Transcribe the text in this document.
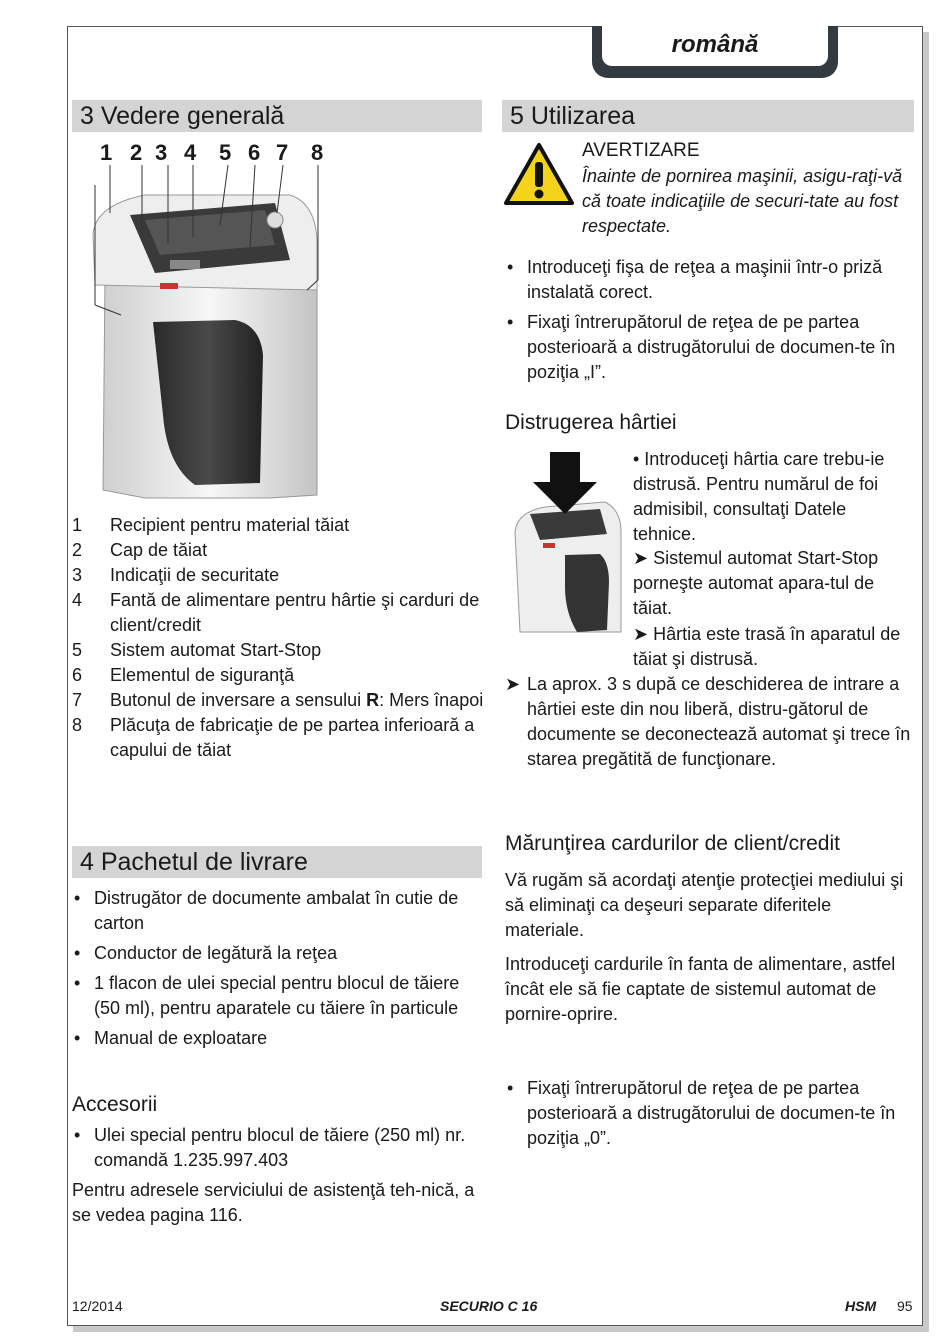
română
3 Vedere generală
1 2 3 4 5 6 7 8
1	Recipient pentru material tăiat
2	Cap de tăiat
3	Indicaţii de securitate
4	Fantă de alimentare pentru hârtie şi carduri de client/credit
5	Sistem automat Start-Stop
6	Elementul de siguranţă
7	Butonul de inversare a sensului R: Mers înapoi
8	Plăcuţa de fabricaţie de pe partea inferioară a capului de tăiat
4 Pachetul de livrare
• Distrugător de documente ambalat în cutie de carton
• Conductor de legătură la reţea
• 1 flacon de ulei special pentru blocul de tăiere (50 ml), pentru aparatele cu tăiere în particule
• Manual de exploatare
Accesorii
• Ulei special pentru blocul de tăiere (250 ml) nr. comandă 1.235.997.403
Pentru adresele serviciului de asistenţă teh-nică, a se vedea pagina 116.
5 Utilizarea
AVERTIZARE
Înainte de pornirea maşinii, asigu-raţi-vă că toate indicaţiile de securi-tate au fost respectate.
• Introduceţi fişa de reţea a maşinii într-o priză instalată corect.
• Fixaţi întrerupătorul de reţea de pe partea posterioară a distrugătorului de documen-te în poziţia „I”.
Distrugerea hârtiei
• Introduceţi hârtia care trebu-ie distrusă. Pentru numărul de foi admisibil, consultaţi Datele tehnice.
➤ Sistemul automat Start-Stop porneşte automat apara-tul de tăiat.
➤ Hârtia este trasă în aparatul de tăiat şi distrusă.
➤ La aprox. 3 s după ce deschiderea de intrare a hârtiei este din nou liberă, distru-gătorul de documente se deconectează automat şi trece în starea pregătită de funcţionare.
Mărunţirea cardurilor de client/credit
Vă rugăm să acordaţi atenţie protecţiei mediului şi să eliminaţi ca deşeuri separate diferitele materiale.
Introduceţi cardurile în fanta de alimentare, astfel încât ele să fie captate de sistemul automat de pornire-oprire.
• Fixaţi întrerupătorul de reţea de pe partea posterioară a distrugătorului de documen-te în poziţia „0”.
12/2014	SECURIO C 16	HSM 95
